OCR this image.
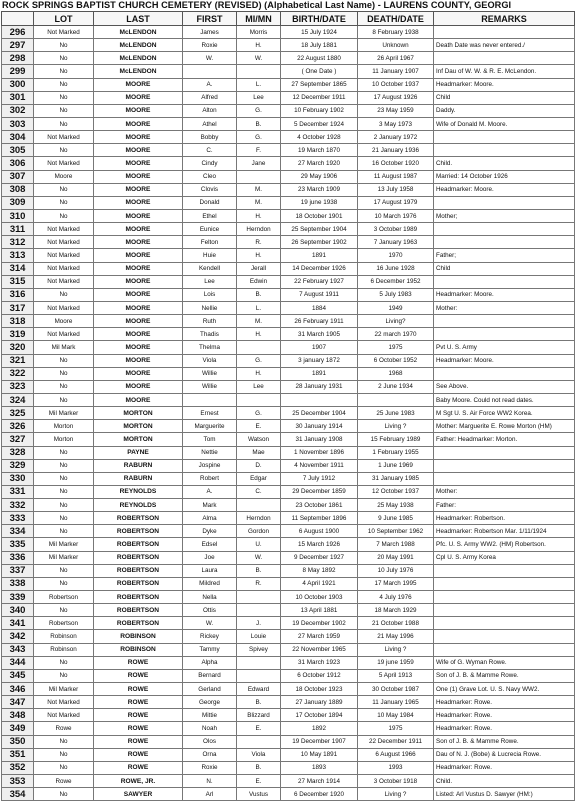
ROCK SPRINGS BAPTIST CHURCH CEMETERY (REVISED) (Alphabetical Last Name) - LAURENS COUNTY, GEORGI
	LOT	LAST	FIRST	MI/MN	BIRTH/DATE	DEATH/DATE	REMARKS
296	Not Marked	McLENDON	James	Morris	15 July 1924	8 February 1938	
297	No	McLENDON	Roxie	H.	18 July 1881	Unknown	Death Date was never entered./
298	No	McLENDON	W.	W.	22 August 1880	26 April 1967	
299	No	McLENDON			( One Date )	11 January 1907	Inf Dau of W. W. & R. E. McLendon.
300	No	MOORE	A.	L.	27 September 1865	10 October 1937	Headmarker: Moore.
301	No	MOORE	Alfred	Lee	12 December 1911	17 August 1926	Child
302	No	MOORE	Alton	G.	10 February 1902	23 May 1959	Daddy.
303	No	MOORE	Athel	B.	5 December 1924	3 May 1973	Wife of Donald M. Moore.
304	Not Marked	MOORE	Bobby	G.	4 October 1928	2 January 1972	
305	No	MOORE	C.	F.	19 March 1870	21 January 1936	
306	Not Marked	MOORE	Cindy	Jane	27 March 1920	16 October 1920	Child.
307	Moore	MOORE	Cleo		29 May 1906	11 August 1987	Married: 14 October 1926
308	No	MOORE	Clovis	M.	23 March 1909	13 July 1958	Headmarker: Moore.
309	No	MOORE	Donald	M.	19 june 1938	17 August 1979	
310	No	MOORE	Ethel	H.	18 October 1901	10 March 1976	Mother;
311	Not Marked	MOORE	Eunice	Herndon	25 September 1904	3 October 1989	
312	Not Marked	MOORE	Felton	R.	26 September 1902	7 January 1963	
313	Not Marked	MOORE	Huie	H.	1891	1970	Father;
314	Not Marked	MOORE	Kendell	Jerall	14 December 1926	16 June 1928	Child
315	Not Marked	MOORE	Lee	Edwin	22 February 1927	6 December 1952	
316	No	MOORE	Lois	B.	7 August 1911	5 July 1983	Headmarker: Moore.
317	Not Marked	MOORE	Nellie	L.	1884	1949	Mother:
318	Moore	MOORE	Ruth	M.	26 February 1911	Living?	
319	Not Marked	MOORE	Thadis	H.	31 March 1905	22 march 1970	
320	Mil Mark	MOORE	Thelma		1907	1975	Pvt U. S. Army
321	No	MOORE	Viola	G.	3 january 1872	6 October 1952	Headmarker: Moore.
322	No	MOORE	Willie	H.	1891	1968	
323	No	MOORE	Willie	Lee	28 January 1931	2 June 1934	See Above.
324	No	MOORE					Baby Moore. Could not read dates.
325	Mil Marker	MORTON	Ernest	G.	25 December 1904	25 June 1983	M Sgt U. S. Air Force WW2 Korea.
326	Morton	MORTON	Marguerite	E.	30 January 1914	Living ?	Mother: Marguerite E. Rowe Morton (HM)
327	Morton	MORTON	Tom	Watson	31 January 1908	15 February 1989	Father: Headmarker: Morton.
328	No	PAYNE	Nettie	Mae	1 November 1896	1 February 1955	
329	No	RABURN	Jospine	D.	4 November 1911	1 June 1969	
330	No	RABURN	Robert	Edgar	7 July 1912	31 January 1985	
331	No	REYNOLDS	A.	C.	29 December 1859	12 October 1937	Mother:
332	No	REYNOLDS	Mark		23 October 1861	25 May 1938	Father:
333	No	ROBERTSON	Alma	Herndon	11 September 1896	9 June 1985	Headmarker: Robertson.
334	No	ROBERTSON	Dyke	Gordon	6 August 1900	10 September 1962	Headmarker: Robertson Mar. 1/11/1924
335	Mil Marker	ROBERTSON	Edsel	U.	15 March 1926	7 March 1988	Pfc. U. S. Army WW2. (HM) Robertson.
336	Mil Marker	ROBERTSON	Joe	W.	9 December 1927	20 May 1991	Cpl U. S. Army Korea
337	No	ROBERTSON	Laura	B.	8 May 1892	10 July 1976	
338	No	ROBERTSON	Mildred	R.	4 April 1921	17 March 1995	
339	Robertson	ROBERTSON	Nella		10 October 1903	4 July 1976	
340	No	ROBERTSON	Ottis		13 April 1881	18 March 1929	
341	Robertson	ROBERTSON	W.	J.	19 December 1902	21 October 1988	
342	Robinson	ROBINSON	Rickey	Louie	27 March 1959	21 May 1996	
343	Robinson	ROBINSON	Tammy	Spivey	22 November 1965	Living ?	
344	No	ROWE	Alpha		31 March 1923	19 june 1959	Wife of G. Wyman Rowe.
345	No	ROWE	Bernard		6 October 1912	5 April 1913	Son of J. B. & Mamme Rowe.
346	Mil Marker	ROWE	Gerland	Edward	18 October 1923	30 October 1987	One (1) Grave Lot. U. S. Navy WW2.
347	Not Marked	ROWE	George	B.	27 January 1889	11 January 1965	Headmarker: Rowe.
348	Not Marked	ROWE	Mittie	Blizzard	17 October 1894	10 May 1984	Headmarker: Rowe.
349	Rowe	ROWE	Noah	E.	1892	1975	Headmarker: Rowe.
350	No	ROWE	Olos		19 December 1907	22 December 1911	Son of J. B. & Mamme Rowe.
351	No	ROWE	Orna	Viola	10 May 1891	6 August 1966	Dau of N. J. (Bobe) & Lucrecia Rowe.
352	No	ROWE	Roxie	B.	1893	1993	Headmarker: Rowe.
353	Rowe	ROWE, JR.	N.	E.	27 March 1914	3 October 1918	Child.
354	No	SAWYER	Arl	Vustus	6 December 1920	Living ?	Listed: Arl Vustus D. Sawyer (HM:)
